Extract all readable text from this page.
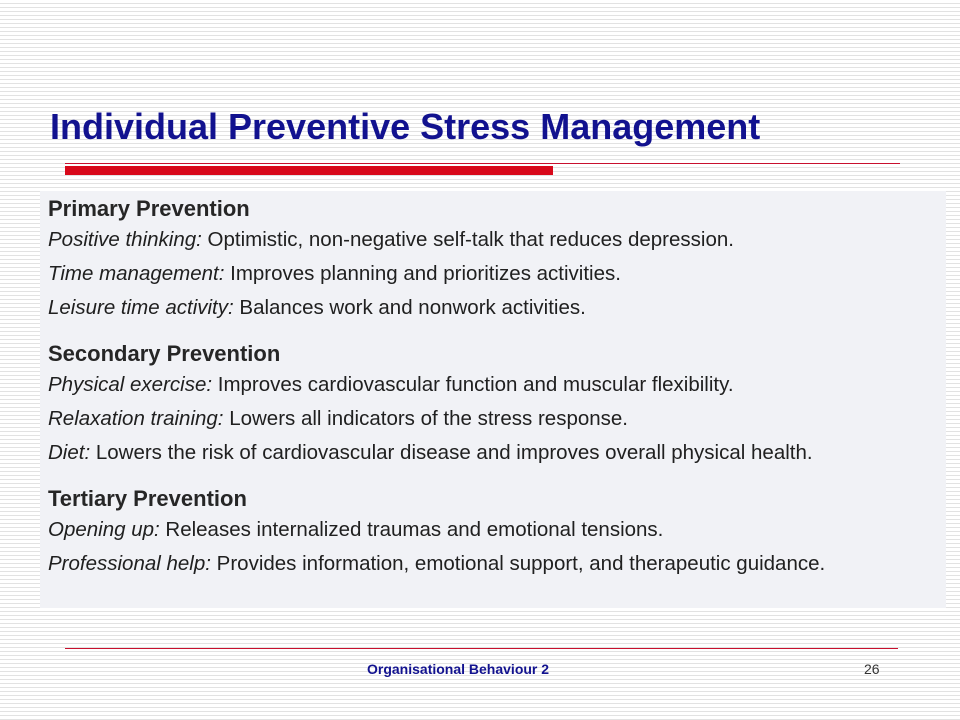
Individual Preventive Stress Management
Primary Prevention
Positive thinking: Optimistic, non-negative self-talk that reduces depression.
Time management: Improves planning and prioritizes activities.
Leisure time activity: Balances work and nonwork activities.
Secondary Prevention
Physical exercise: Improves cardiovascular function and muscular flexibility.
Relaxation training: Lowers all indicators of the stress response.
Diet: Lowers the risk of cardiovascular disease and improves overall physical health.
Tertiary Prevention
Opening up: Releases internalized traumas and emotional tensions.
Professional help: Provides information, emotional support, and therapeutic guidance.
Organisational Behaviour 2	26
